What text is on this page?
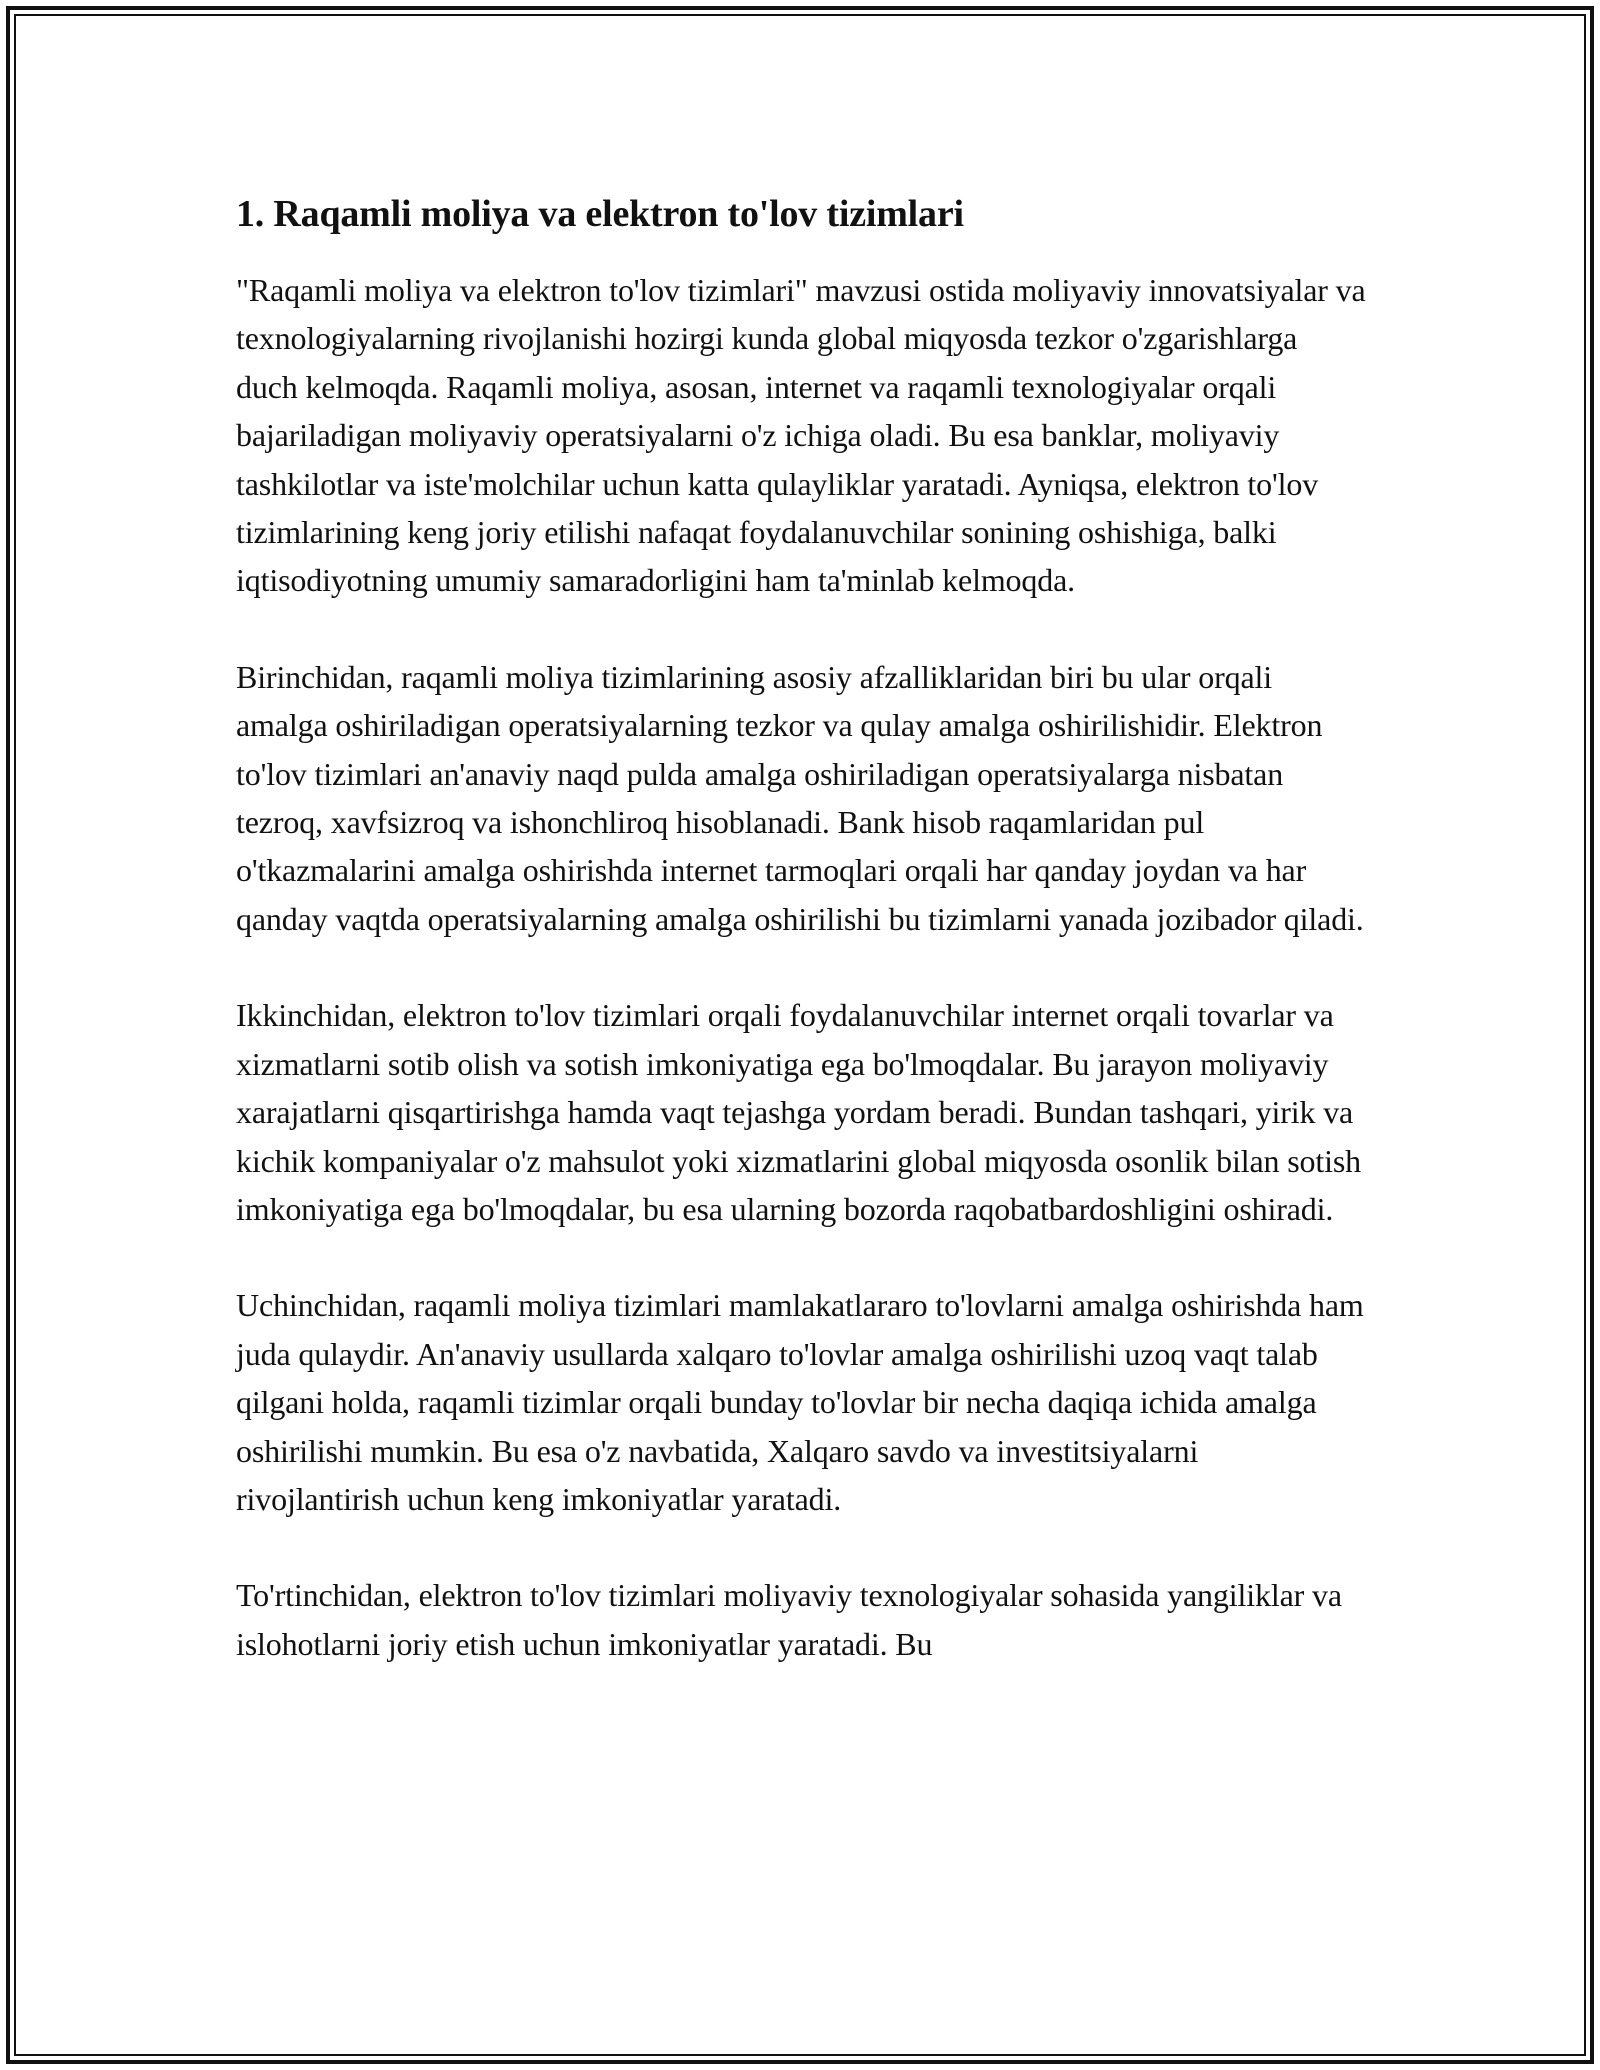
1. Raqamli moliya va elektron to'lov tizimlari

"Raqamli moliya va elektron to'lov tizimlari" mavzusi ostida moliyaviy innovatsiyalar va texnologiyalarning rivojlanishi hozirgi kunda global miqyosda tezkor o'zgarishlarga duch kelmoqda. Raqamli moliya, asosan, internet va raqamli texnologiyalar orqali bajariladigan moliyaviy operatsiyalarni o'z ichiga oladi. Bu esa banklar, moliyaviy tashkilotlar va iste'molchilar uchun katta qulayliklar yaratadi. Ayniqsa, elektron to'lov tizimlarining keng joriy etilishi nafaqat foydalanuvchilar sonining oshishiga, balki iqtisodiyotning umumiy samaradorligini ham ta'minlab kelmoqda.

Birinchidan, raqamli moliya tizimlarining asosiy afzalliklaridan biri bu ular orqali amalga oshiriladigan operatsiyalarning tezkor va qulay amalga oshirilishidir. Elektron to'lov tizimlari an'anaviy naqd pulda amalga oshiriladigan operatsiyalarga nisbatan tezroq, xavfsizroq va ishonchliroq hisoblanadi. Bank hisob raqamlaridan pul o'tkazmalarini amalga oshirishda internet tarmoqlari orqali har qanday joydan va har qanday vaqtda operatsiyalarning amalga oshirilishi bu tizimlarni yanada jozibador qiladi.

Ikkinchidan, elektron to'lov tizimlari orqali foydalanuvchilar internet orqali tovarlar va xizmatlarni sotib olish va sotish imkoniyatiga ega bo'lmoqdalar. Bu jarayon moliyaviy xarajatlarni qisqartirishga hamda vaqt tejashga yordam beradi. Bundan tashqari, yirik va kichik kompaniyalar o'z mahsulot yoki xizmatlarini global miqyosda osonlik bilan sotish imkoniyatiga ega bo'lmoqdalar, bu esa ularning bozorda raqobatbardoshligini oshiradi.

Uchinchidan, raqamli moliya tizimlari mamlakatlararo to'lovlarni amalga oshirishda ham juda qulaydir. An'anaviy usullarda xalqaro to'lovlar amalga oshirilishi uzoq vaqt talab qilgani holda, raqamli tizimlar orqali bunday to'lovlar bir necha daqiqa ichida amalga oshirilishi mumkin. Bu esa o'z navbatida, Xalqaro savdo va investitsiyalarni rivojlantirish uchun keng imkoniyatlar yaratadi.

To'rtinchidan, elektron to'lov tizimlari moliyaviy texnologiyalar sohasida yangiliklar va islohotlarni joriy etish uchun imkoniyatlar yaratadi. Bu
